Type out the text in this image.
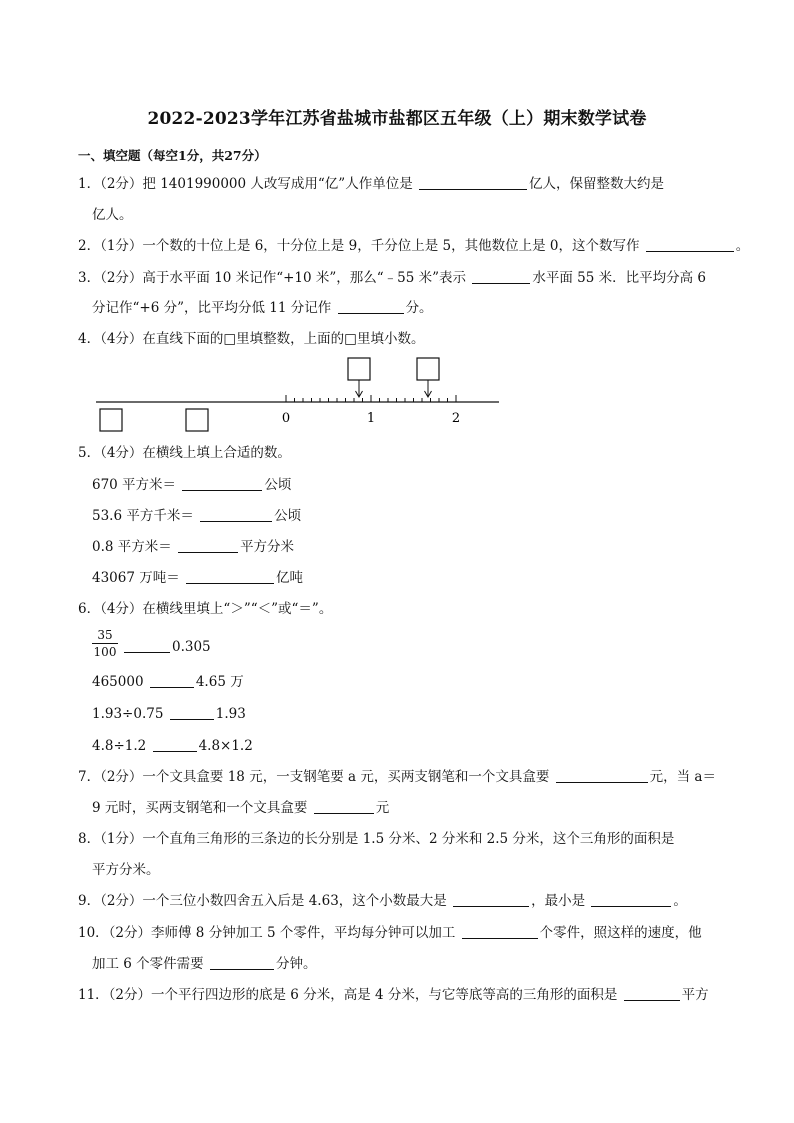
2022-2023学年江苏省盐城市盐都区五年级（上）期末数学试卷
一、填空题（每空1分，共27分）
1．（2分）把 1401990000 人改写成用“亿”人作单位是	亿人，保留整数大约是
亿人。
2．（1分）一个数的十位上是 6，十分位上是 9，千分位上是 5，其他数位上是 0，这个数写作	。
3．（2分）高于水平面 10 米记作“+10 米”，那么“﹣55 米”表示	水平面 55 米．比平均分高 6
分记作“+6 分”，比平均分低 11 分记作	分。
4．（4分）在直线下面的□里填整数，上面的□里填小数。
0	1	2
5．（4分）在横线上填上合适的数。
670 平方米＝	公顷
53.6 平方千米＝	公顷
0.8 平方米＝	平方分米
43067 万吨＝	亿吨
6．（4分）在横线里填上“＞”“＜”或“＝”。
$\frac{35}{100}$	0.305
465000	4.65 万
1.93÷0.75	1.93
4.8÷1.2	4.8×1.2
7．（2分）一个文具盒要 18 元，一支钢笔要 a 元，买两支钢笔和一个文具盒要	元，当 a＝
9 元时，买两支钢笔和一个文具盒要	元
8．（1分）一个直角三角形的三条边的长分别是 1.5 分米、2 分米和 2.5 分米，这个三角形的面积是
平方分米。
9．（2分）一个三位小数四舍五入后是 4.63，这个小数最大是	，最小是	。
10．（2分）李师傅 8 分钟加工 5 个零件，平均每分钟可以加工	个零件，照这样的速度，他
加工 6 个零件需要	分钟。
11．（2分）一个平行四边形的底是 6 分米，高是 4 分米，与它等底等高的三角形的面积是	平方
